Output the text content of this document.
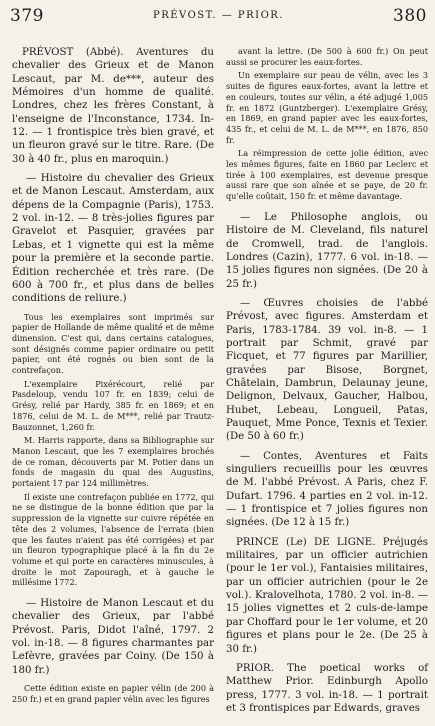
379	PRÉVOST. — PRIOR.	380

PRÉVOST (Abbé). Aventures du chevalier des Grieux et de Manon Lescaut, par M. de***, auteur des Mémoires d'un homme de qualité. Londres, chez les frères Constant, à l'enseigne de l'Inconstance, 1734. In-12. — 1 frontispice très bien gravé, et un fleuron gravé sur le titre. Rare. (De 30 à 40 fr., plus en maroquin.)

— Histoire du chevalier des Grieux et de Manon Lescaut. Amsterdam, aux dépens de la Compagnie (Paris), 1753. 2 vol. in-12. — 8 très-jolies figures par Gravelot et Pasquier, gravées par Lebas, et 1 vignette qui est la même pour la première et la seconde partie. Édition recherchée et très rare. (De 600 à 700 fr., et plus dans de belles conditions de reliure.)

Tous les exemplaires sont imprimés sur papier de Hollande de même qualité et de même dimension. C'est qui, dans certains catalogues, sont désignés comme papier ordinaire ou petit papier, ont été rognés ou bien sont de la contrefaçon.

L'exemplaire Pixérécourt, relié par Pasdeloup, vendu 107 fr. en 1839; celui de Grésy, relié par Hardy, 385 fr. en 1869; et en 1876, celui de M. L. de M***, relié par Trautz-Bauzonnet, 1,260 fr.

M. Harris rapporte, dans sa Bibliographie sur Manon Lescaut, que les 7 exemplaires brochés de ce roman, découverts par M. Potier dans un fonds de magasin du quai des Augustins, portaient 17 par 124 millimètres.

Il existe une contrefaçon publiée en 1772, qui ne se distingue de la bonne édition que par la suppression de la vignette sur cuivre répétée en tête des 2 volumes, l'absence de l'errata (bien que les fautes n'aient pas été corrigées) et par un fleuron typographique placé à la fin du 2e volume et qui porte en caractères minuscules, à droite le mot Zapouragh, et à gauche le millésime 1772.

— Histoire de Manon Lescaut et du chevalier des Grieux, par l'abbé Prévost. Paris, Didot l'aîné, 1797. 2 vol. in-18. — 8 figures charmantes par Lefèvre, gravées par Coiny. (De 150 à 180 fr.)

Cette édition existe en papier vélin (de 200 à 250 fr.) et en grand papier vélin avec les figures

avant la lettre. (De 500 à 600 fr.) On peut aussi se procurer les eaux-fortes.

Un exemplaire sur peau de vélin, avec les 3 suites de figures eaux-fortes, avant la lettre et en couleurs, toutes sur vélin, a été adjugé 1,005 fr. en 1872 (Guntzberger). L'exemplaire Grésy, en 1869, en grand papier avec les eaux-fortes, 435 fr., et celui de M. L. de M***, en 1876, 850 fr.

La réimpression de cette jolie édition, avec les mêmes figures, faite en 1860 par Leclerc et tirée à 100 exemplaires, est devenue presque aussi rare que son aînée et se paye, de 20 fr. qu'elle coûtait, 150 fr. et même davantage.

— Le Philosophe anglois, ou Histoire de M. Cleveland, fils naturel de Cromwell, trad. de l'anglois. Londres (Cazin), 1777. 6 vol. in-18. — 15 jolies figures non signées. (De 20 à 25 fr.)

— Œuvres choisies de l'abbé Prévost, avec figures. Amsterdam et Paris, 1783-1784. 39 vol. in-8. — 1 portrait par Schmit, gravé par Ficquet, et 77 figures par Marillier, gravées par Bisose, Borgnet, Châtelain, Dambrun, Delaunay jeune, Delignon, Delvaux, Gaucher, Halbou, Hubet, Lebeau, Longueil, Patas, Pauquet, Mme Ponce, Texnis et Texier. (De 50 à 60 fr.)

— Contes, Aventures et Faits singuliers recueillis pour les œuvres de M. l'abbé Prévost. A Paris, chez F. Dufart. 1796. 4 parties en 2 vol. in-12. — 1 frontispice et 7 jolies figures non signées. (De 12 à 15 fr.)

PRINCE (Le) DE LIGNE. Préjugés militaires, par un officier autrichien (pour le 1er vol.), Fantaisies militaires, par un officier autrichien (pour le 2e vol.). Kralovelhota, 1780. 2 vol. in-8. — 15 jolies vignettes et 2 culs-de-lampe par Choffard pour le 1er volume, et 20 figures et plans pour le 2e. (De 25 à 30 fr.)

PRIOR. The poetical works of Matthew Prior. Edinburgh Apollo press, 1777. 3 vol. in-18. — 1 portrait et 3 frontispices par Edwards, graves
